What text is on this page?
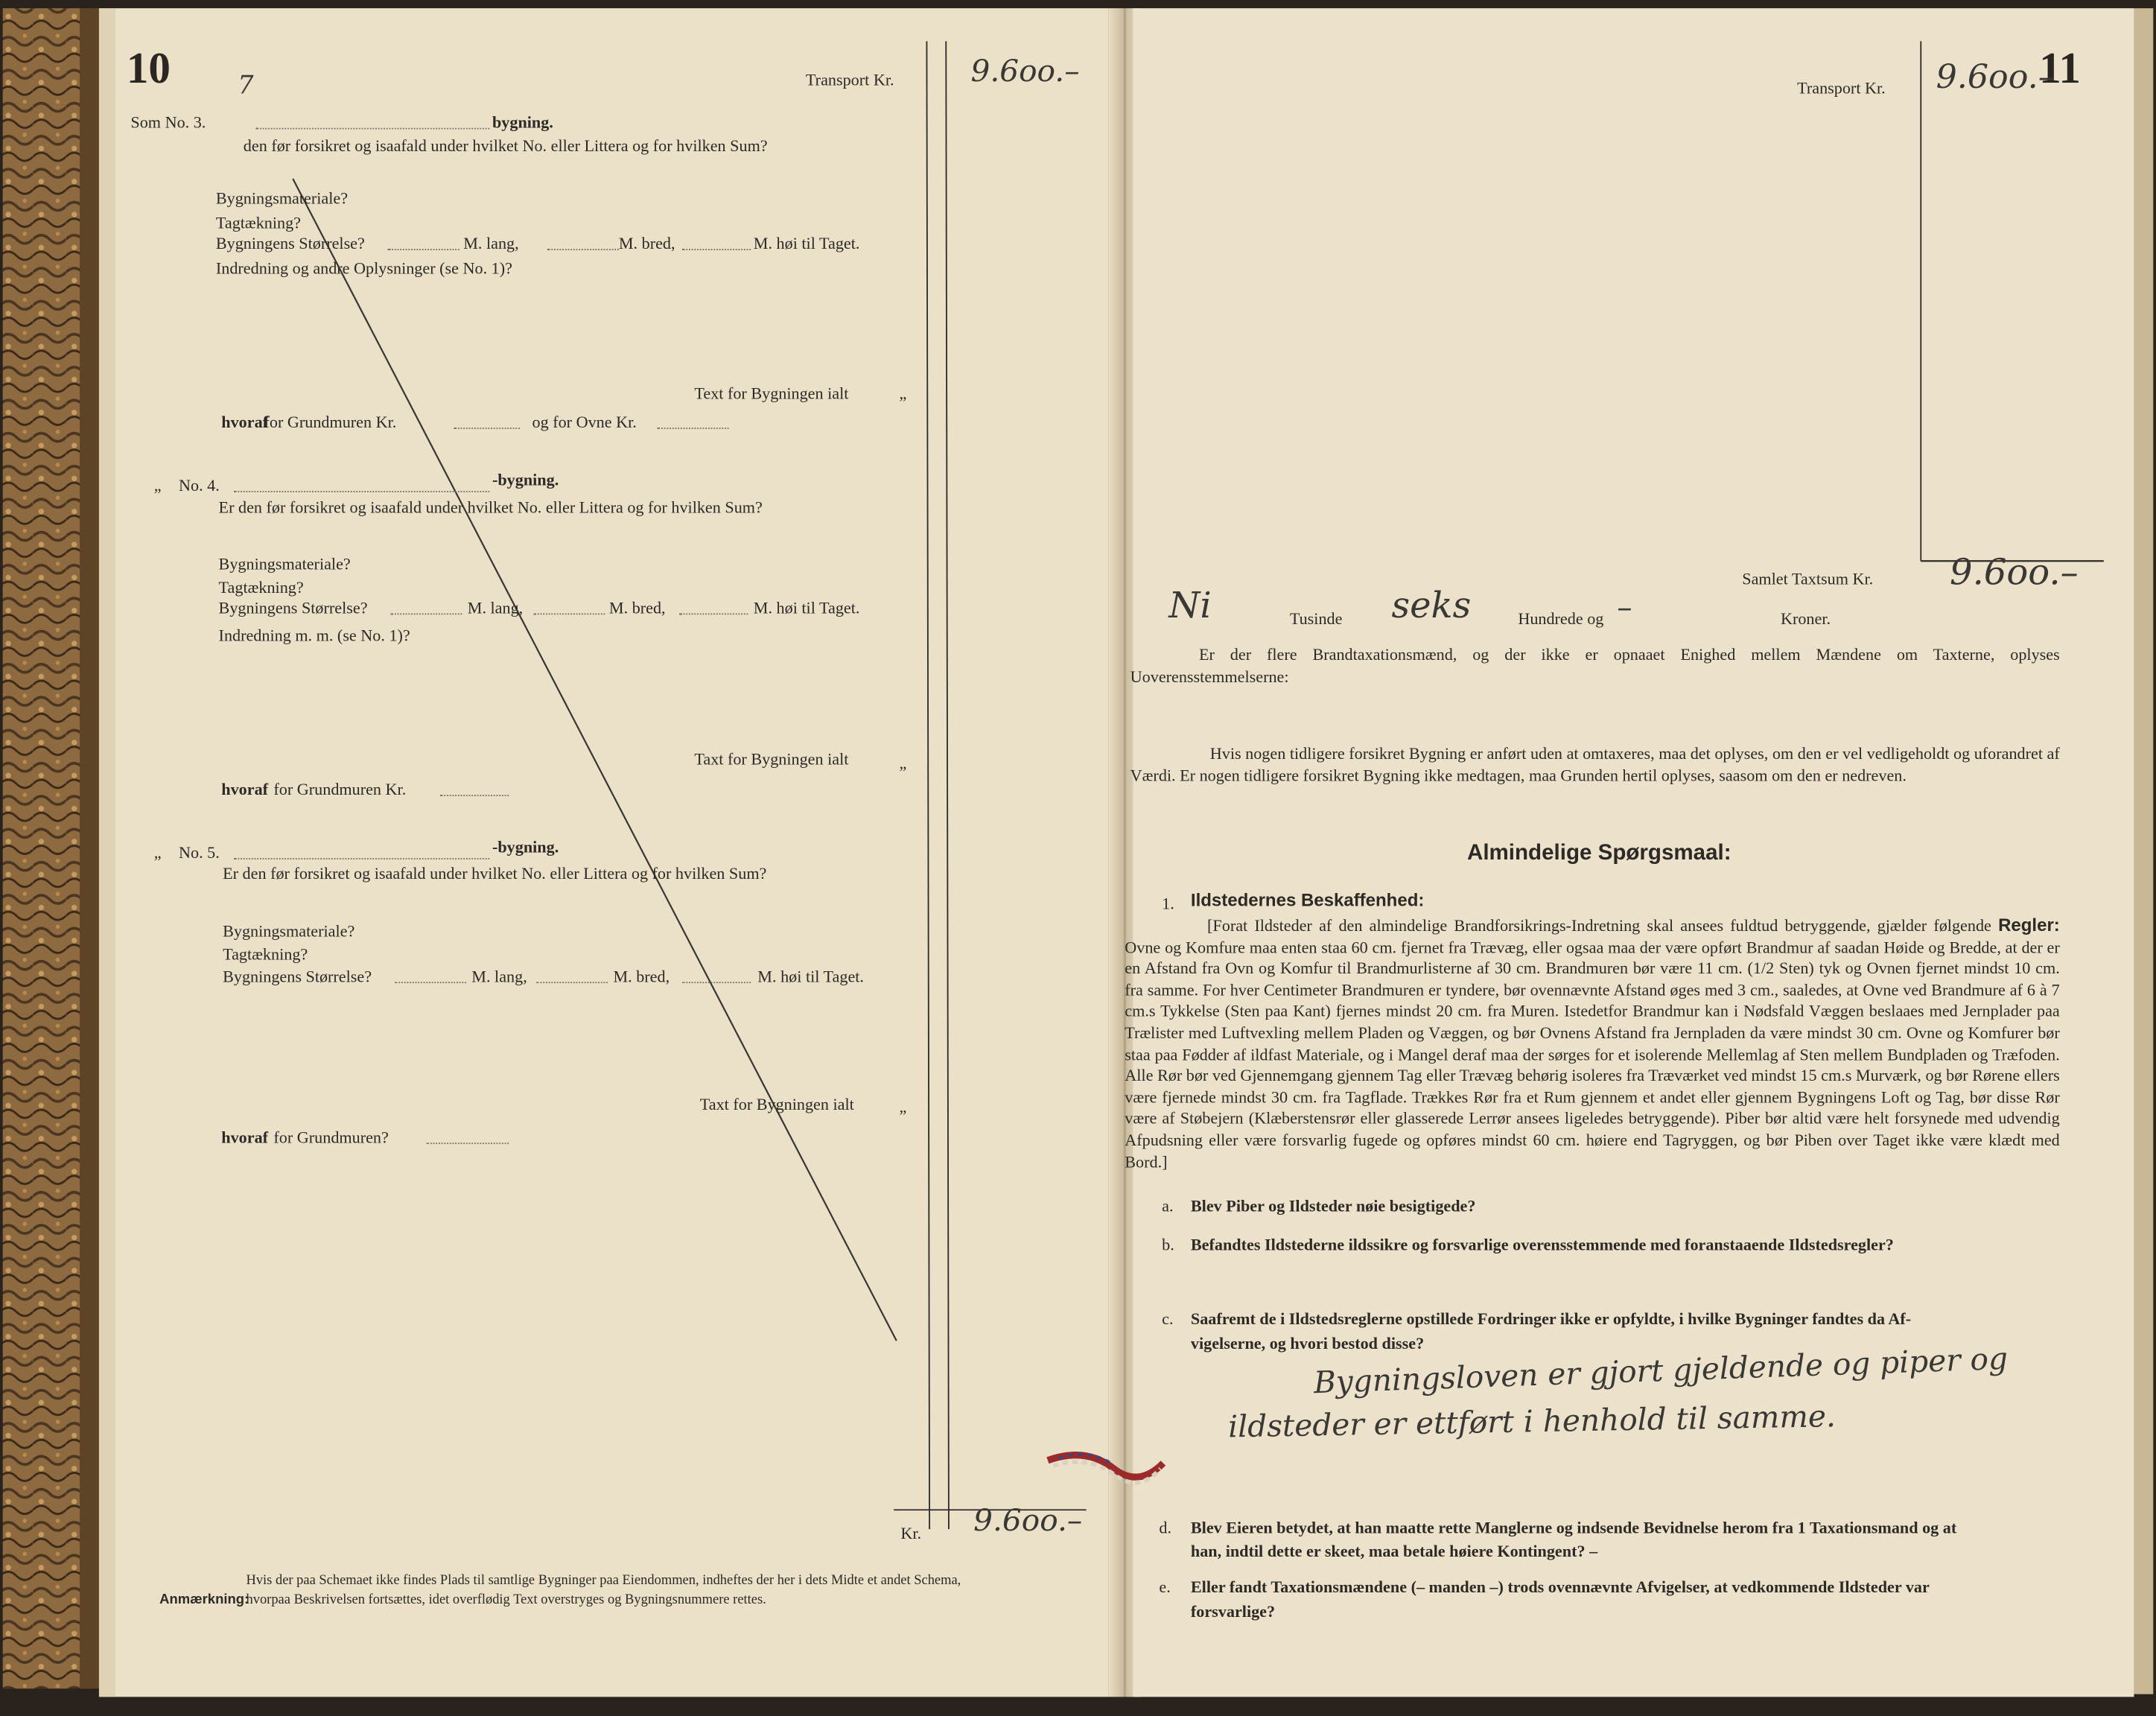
10	Transport Kr.	9.6oo.–
7
Som No. 3.	bygning.
den før forsikret og isaafald under hvilket No. eller Littera og for hvilken Sum?
Bygningsmateriale?
Tagtækning?
Bygningens Størrelse?	M. lang,	M. bred,	M. høi til Taget.
Indredning og andre Oplysninger (se No. 1)?
Text for Bygningen ialt	„
hvoraf
for Grundmuren Kr.	og for Ovne Kr.
„ No. 4.	-bygning.
Er den før forsikret og isaafald under hvilket No. eller Littera og for hvilken Sum?
Bygningsmateriale?
Tagtækning?
Bygningens Størrelse?	M. lang,	M. bred,	M. høi til Taget.
Indredning m. m. (se No. 1)?
Taxt for Bygningen ialt	„
hvoraf for Grundmuren Kr.
„ No. 5.	-bygning.
Er den før forsikret og isaafald under hvilket No. eller Littera og for hvilken Sum?
Bygningsmateriale?
Tagtækning?
Bygningens Størrelse?	M. lang,	M. bred,	M. høi til Taget.
Taxt for Bygningen ialt	„
hvoraf for Grundmuren?
Kr.	9.6oo.–
Anmærkning:
Hvis der paa Schemaet ikke findes Plads til samtlige Bygninger paa Eiendommen, indheftes der her i dets Midte et andet Schema,
hvorpaa Beskrivelsen fortsættes, idet overflødig Text overstryges og Bygningsnummere rettes.
11
Transport Kr.	9.6oo.–
Samlet Taxtsum Kr.	9.6oo.–
Ni	Tusinde	seks	Hundrede og –	Kroner.
Er der flere Brandtaxationsmænd, og der ikke er opnaaet Enighed mellem Mændene om Taxterne, oplyses Uoverensstemmelserne:
Hvis nogen tidligere forsikret Bygning er anført uden at omtaxeres, maa det oplyses, om den er vel vedligeholdt og uforandret af Værdi. Er nogen tidligere forsikret Bygning ikke medtagen, maa Grunden hertil oplyses, saasom om den er nedreven.
Almindelige Spørgsmaal:
1. Ildstedernes Beskaffenhed:
[Forat Ildsteder af den almindelige Brandforsikrings-Indretning skal ansees fuldtud betryggende, gjælder følgende Regler: Ovne og Komfure maa enten staa 60 cm. fjernet fra Trævæg, eller ogsaa maa der være opført Brandmur af saadan Høide og Bredde, at der er en Afstand fra Ovn og Komfur til Brandmurlisterne af 30 cm. Brandmuren bør være 11 cm. (1/2 Sten) tyk og Ovnen fjernet mindst 10 cm. fra samme. For hver Centimeter Brandmuren er tyndere, bør ovennævnte Afstand øges med 3 cm., saaledes, at Ovne ved Brandmure af 6 à 7 cm.s Tykkelse (Sten paa Kant) fjernes mindst 20 cm. fra Muren. Istedetfor Brandmur kan i Nødsfald Væggen beslaaes med Jernplader paa Trælister med Luftvexling mellem Pladen og Væggen, og bør Ovnens Afstand fra Jernpladen da være mindst 30 cm. Ovne og Komfurer bør staa paa Fødder af ildfast Materiale, og i Mangel deraf maa der sørges for et isolerende Mellemlag af Sten mellem Bundpladen og Træfoden. Alle Rør bør ved Gjennemgang gjennem Tag eller Trævæg behørig isoleres fra Træværket ved mindst 15 cm.s Murværk, og bør Rørene ellers være fjernede mindst 30 cm. fra Tagflade. Trækkes Rør fra et Rum gjennem et andet eller gjennem Bygningens Loft og Tag, bør disse Rør være af Støbejern (Klæberstensrør eller glasserede Lerrør ansees ligeledes betryggende). Piber bør altid være helt forsynede med udvendig Afpudsning eller være forsvarlig fugede og opføres mindst 60 cm. høiere end Tagryggen, og bør Piben over Taget ikke være klædt med Bord.]
a. Blev Piber og Ildsteder nøie besigtigede?
b. Befandtes Ildstederne ildssikre og forsvarlige overensstemmende med foranstaaende Ildstedsregler?
c. Saafremt de i Ildstedsreglerne opstillede Fordringer ikke er opfyldte, i hvilke Bygninger fandtes da Af-
vigelserne, og hvori bestod disse?
Bygningsloven er gjort gjeldende og piper og
ildsteder er ettført i henhold til samme.
d. Blev Eieren betydet, at han maatte rette Manglerne og indsende Bevidnelse herom fra 1 Taxationsmand og at
han, indtil dette er skeet, maa betale høiere Kontingent? –
e. Eller fandt Taxationsmændene (– manden –) trods ovennævnte Afvigelser, at vedkommende Ildsteder var
forsvarlige?
